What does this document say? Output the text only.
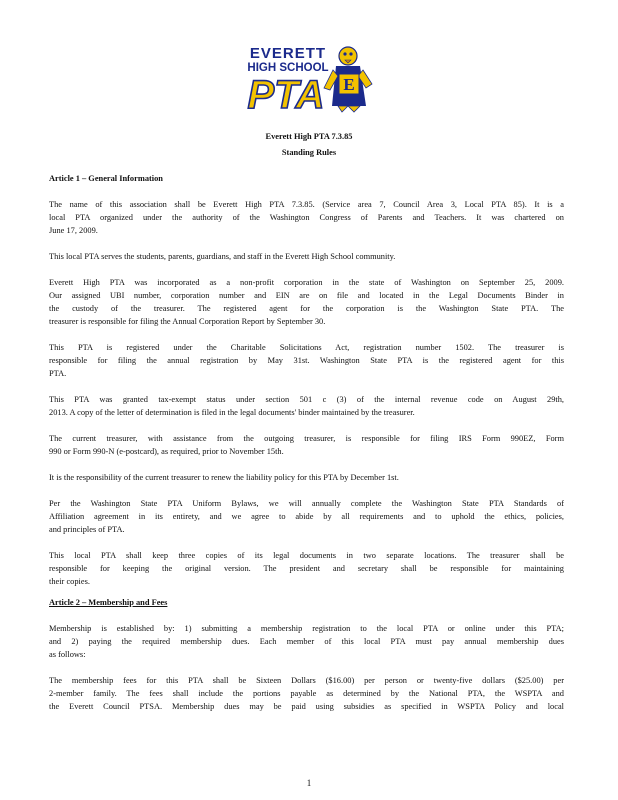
EVERETT
HIGH SCHOOL
PTA E
Everett High PTA 7.3.85
Standing Rules
Article 1 – General Information
The name of this association shall be Everett High PTA 7.3.85. (Service area 7, Council Area 3, Local PTA 85). It is a
local PTA organized under the authority of the Washington Congress of Parents and Teachers. It was chartered on
June 17, 2009.
This local PTA serves the students, parents, guardians, and staff in the Everett High School community.
Everett High PTA was incorporated as a non-profit corporation in the state of Washington on September 25, 2009.
Our assigned UBI number, corporation number and EIN are on file and located in the Legal Documents Binder in
the custody of the treasurer. The registered agent for the corporation is the Washington State PTA. The
treasurer is responsible for filing the Annual Corporation Report by September 30.
This PTA is registered under the Charitable Solicitations Act, registration number 1502. The treasurer is
responsible for filing the annual registration by May 31st. Washington State PTA is the registered agent for this
PTA.
This PTA was granted tax-exempt status under section 501 c (3) of the internal revenue code on August 29th,
2013. A copy of the letter of determination is filed in the legal documents' binder maintained by the treasurer.
The current treasurer, with assistance from the outgoing treasurer, is responsible for filing IRS Form 990EZ, Form
990 or Form 990-N (e-postcard), as required, prior to November 15th.
It is the responsibility of the current treasurer to renew the liability policy for this PTA by December 1st.
Per the Washington State PTA Uniform Bylaws, we will annually complete the Washington State PTA Standards of
Affiliation agreement in its entirety, and we agree to abide by all requirements and to uphold the ethics, policies,
and principles of PTA.
This local PTA shall keep three copies of its legal documents in two separate locations. The treasurer shall be
responsible for keeping the original version. The president and secretary shall be responsible for maintaining
their copies.
Article 2 – Membership and Fees
Membership is established by: 1) submitting a membership registration to the local PTA or online under this PTA;
and 2) paying the required membership dues. Each member of this local PTA must pay annual membership dues
as follows:
The membership fees for this PTA shall be Sixteen Dollars ($16.00) per person or twenty-five dollars ($25.00) per
2-member family. The fees shall include the portions payable as determined by the National PTA, the WSPTA and
the Everett Council PTSA. Membership dues may be paid using subsidies as specified in WSPTA Policy and local
1
